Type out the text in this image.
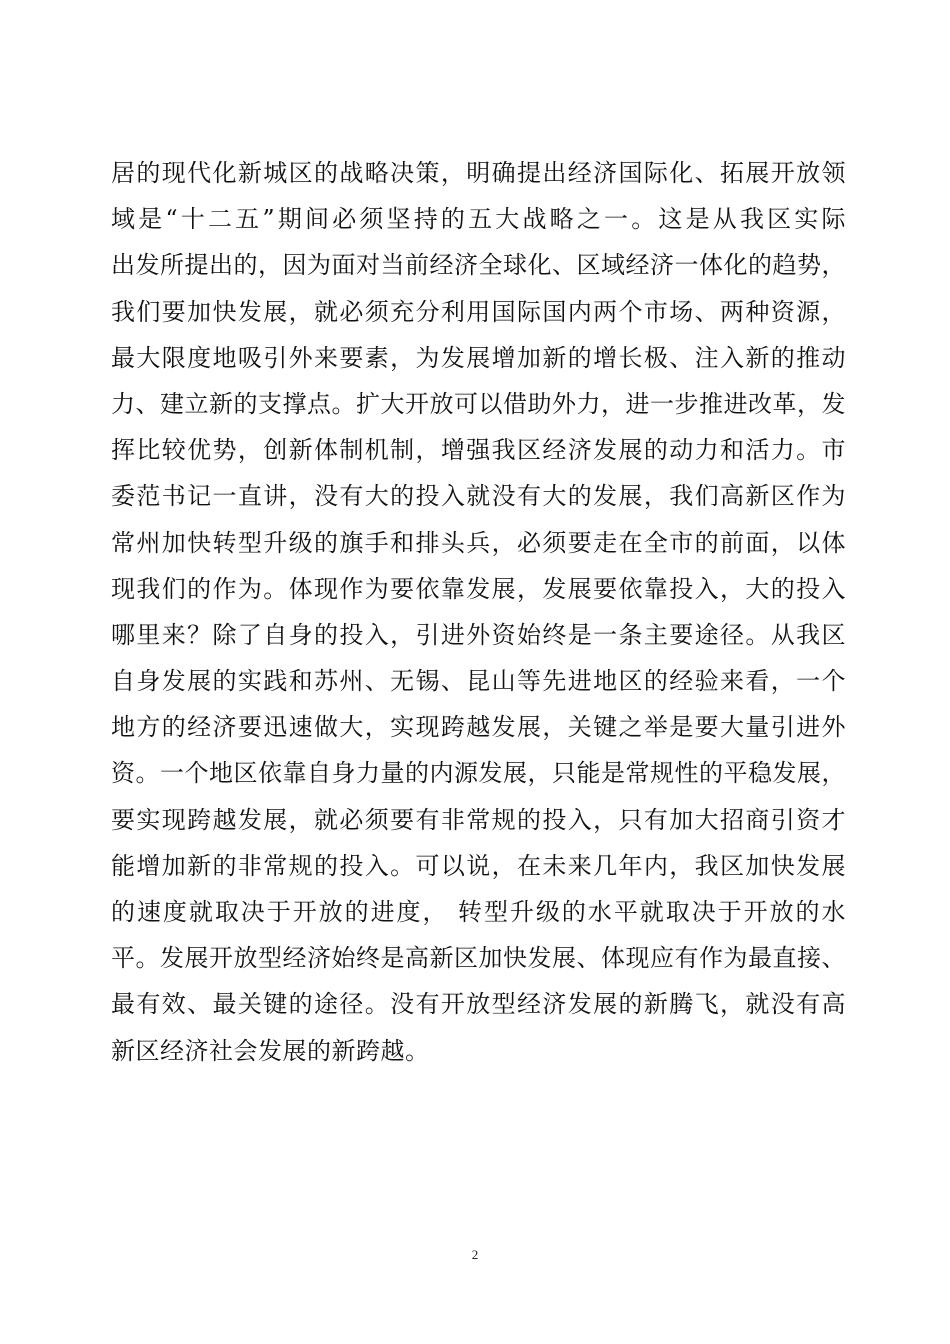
居的现代化新城区的战略决策，明确提出经济国际化、拓展开放领
域是“十二五”期间必须坚持的五大战略之一。这是从我区实际
出发所提出的，因为面对当前经济全球化、区域经济一体化的趋势，
我们要加快发展，就必须充分利用国际国内两个市场、两种资源，
最大限度地吸引外来要素，为发展增加新的增长极、注入新的推动
力、建立新的支撑点。扩大开放可以借助外力，进一步推进改革，发
挥比较优势，创新体制机制，增强我区经济发展的动力和活力。市
委范书记一直讲，没有大的投入就没有大的发展，我们高新区作为
常州加快转型升级的旗手和排头兵，必须要走在全市的前面，以体
现我们的作为。体现作为要依靠发展，发展要依靠投入，大的投入
哪里来？除了自身的投入，引进外资始终是一条主要途径。从我区
自身发展的实践和苏州、无锡、昆山等先进地区的经验来看，一个
地方的经济要迅速做大，实现跨越发展，关键之举是要大量引进外
资。一个地区依靠自身力量的内源发展，只能是常规性的平稳发展，
要实现跨越发展，就必须要有非常规的投入，只有加大招商引资才
能增加新的非常规的投入。可以说，在未来几年内，我区加快发展
的速度就取决于开放的进度， 转型升级的水平就取决于开放的水
平。发展开放型经济始终是高新区加快发展、体现应有作为最直接、
最有效、最关键的途径。没有开放型经济发展的新腾飞，就没有高
新区经济社会发展的新跨越。
2
